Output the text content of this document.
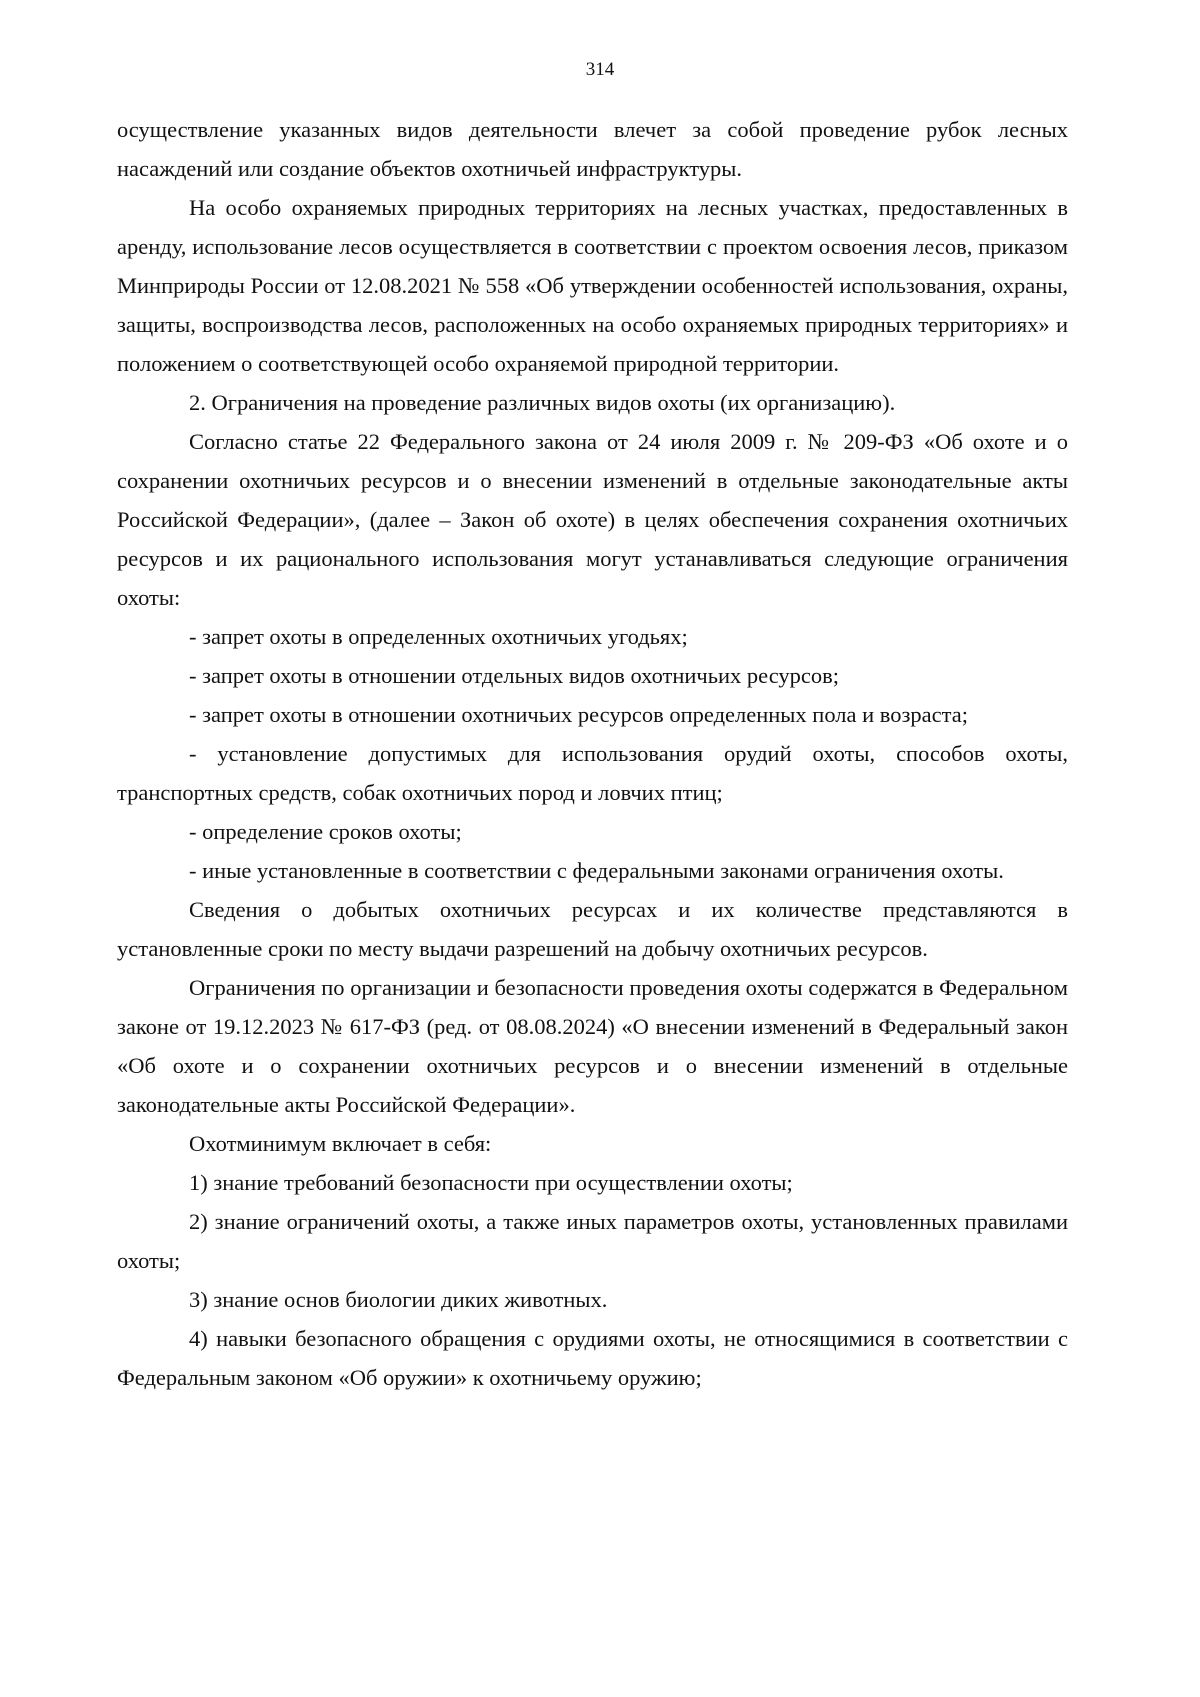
314

осуществление указанных видов деятельности влечет за собой проведение рубок лесных насаждений или создание объектов охотничьей инфраструктуры.

На особо охраняемых природных территориях на лесных участках, предоставленных в аренду, использование лесов осуществляется в соответствии с проектом освоения лесов, приказом Минприроды России от 12.08.2021 № 558 «Об утверждении особенностей использования, охраны, защиты, воспроизводства лесов, расположенных на особо охраняемых природных территориях» и положением о соответствующей особо охраняемой природной территории.

2. Ограничения на проведение различных видов охоты (их организацию).

Согласно статье 22 Федерального закона от 24 июля 2009 г. № 209-ФЗ «Об охоте и о сохранении охотничьих ресурсов и о внесении изменений в отдельные законодательные акты Российской Федерации», (далее – Закон об охоте) в целях обеспечения сохранения охотничьих ресурсов и их рационального использования могут устанавливаться следующие ограничения охоты:

- запрет охоты в определенных охотничьих угодьях;

- запрет охоты в отношении отдельных видов охотничьих ресурсов;

- запрет охоты в отношении охотничьих ресурсов определенных пола и возраста;

- установление допустимых для использования орудий охоты, способов охоты, транспортных средств, собак охотничьих пород и ловчих птиц;

- определение сроков охоты;

- иные установленные в соответствии с федеральными законами ограничения охоты.

Сведения о добытых охотничьих ресурсах и их количестве представляются в установленные сроки по месту выдачи разрешений на добычу охотничьих ресурсов.

Ограничения по организации и безопасности проведения охоты содержатся в Федеральном законе от 19.12.2023 № 617-ФЗ (ред. от 08.08.2024) «О внесении изменений в Федеральный закон «Об охоте и о сохранении охотничьих ресурсов и о внесении изменений в отдельные законодательные акты Российской Федерации».

Охотминимум включает в себя:

1) знание требований безопасности при осуществлении охоты;

2) знание ограничений охоты, а также иных параметров охоты, установленных правилами охоты;

3) знание основ биологии диких животных.

4) навыки безопасного обращения с орудиями охоты, не относящимися в соответствии с Федеральным законом «Об оружии» к охотничьему оружию;
